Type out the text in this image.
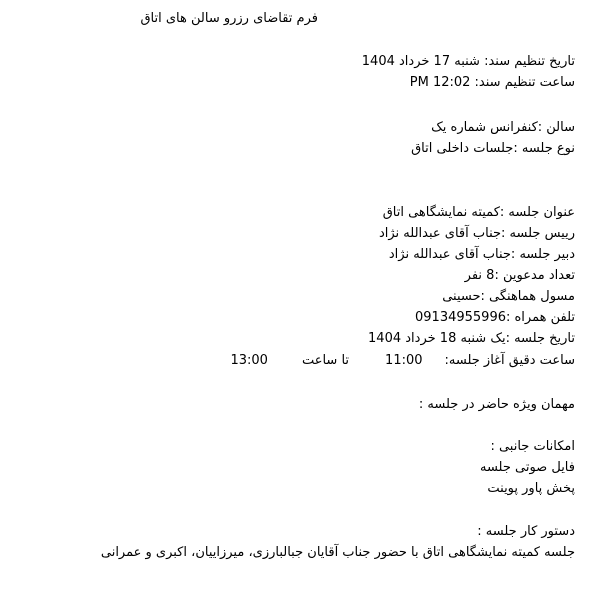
فرم تقاضای رزرو سالن های اتاق
تاریخ تنظیم سند: شنبه 17 خرداد 1404
ساعت تنظیم سند: 12:02 PM
سالن :کنفرانس شماره یک
نوع جلسه :جلسات داخلی اتاق
عنوان جلسه :کمیته نمایشگاهی اتاق
رییس جلسه :جناب آقای عبدالله نژاد
دبیر جلسه :جناب آقای عبدالله نژاد
تعداد مدعوین :8 نفر
مسول هماهنگی :حسینی
تلفن همراه :09134955996
تاریخ جلسه :یک شنبه 18 خرداد 1404
ساعت دقیق آغاز جلسه:11:00تا ساعت13:00
مهمان ویژه حاضر در جلسه :
امکانات جانبی :
فایل صوتی جلسه
پخش پاور پوینت
دستور کار جلسه :
جلسه کمیته نمایشگاهی اتاق با حضور جناب آقایان جبالبارزی، میرزاییان، اکبری و عمرانی
